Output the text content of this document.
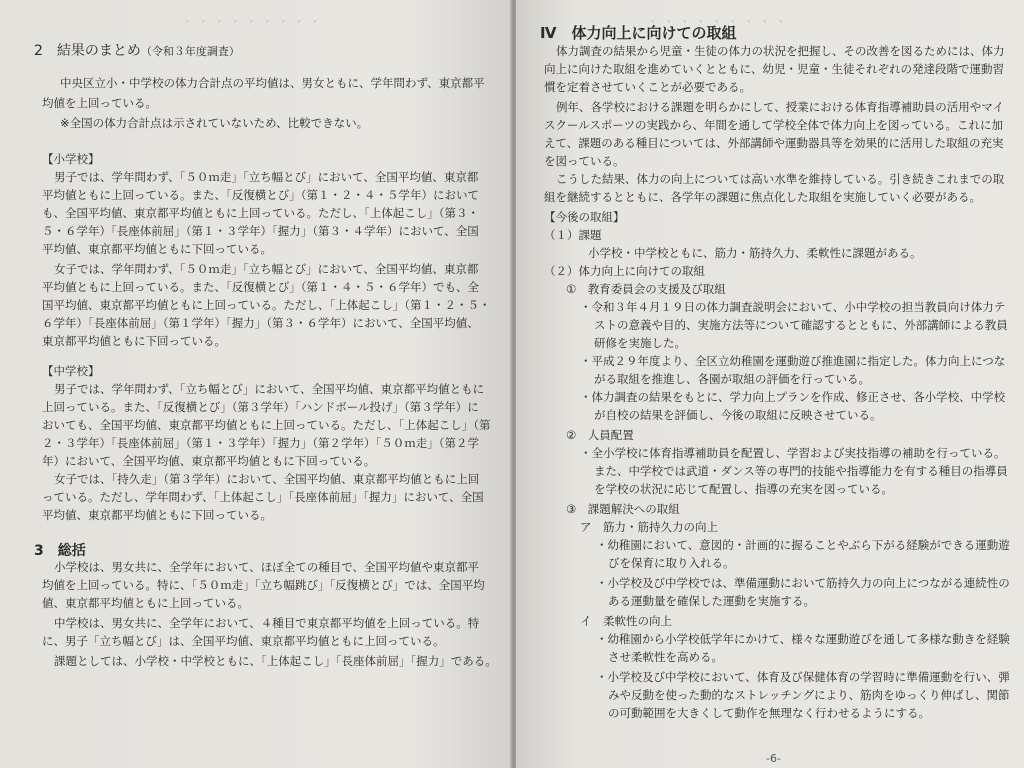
・・・・・・・・・
2　 結果のまとめ（令和３年度調査）
中央区立小・中学校の体力合計点の平均値は、男女ともに、学年問わず、東京都平
均値を上回っている。
※全国の体力合計点は示されていないため、比較できない。
【小学校】
男子では、学年問わず、「５０ｍ走」「立ち幅とび」において、全国平均値、東京都
平均値ともに上回っている。また、「反復横とび」（第１・２・４・５学年）において
も、全国平均値、東京都平均値ともに上回っている。ただし、「上体起こし」（第３・
５・６学年）「長座体前屈」（第１・３学年）「握力」（第３・４学年）において、全国
平均値、東京都平均値ともに下回っている。
女子では、学年問わず、「５０ｍ走」「立ち幅とび」において、全国平均値、東京都
平均値ともに上回っている。また、「反復横とび」（第１・４・５・６学年）でも、全
国平均値、東京都平均値ともに上回っている。ただし、「上体起こし」（第１・２・５・
６学年）「長座体前屈」（第１学年）「握力」（第３・６学年）において、全国平均値、
東京都平均値ともに下回っている。
【中学校】
男子では、学年問わず、「立ち幅とび」において、全国平均値、東京都平均値ともに
上回っている。また、「反復横とび」（第３学年）「ハンドボール投げ」（第３学年）に
おいても、全国平均値、東京都平均値ともに上回っている。ただし、「上体起こし」（第
２・３学年）「長座体前屈」（第１・３学年）「握力」（第２学年）「５０ｍ走」（第２学
年）において、全国平均値、東京都平均値ともに下回っている。
女子では、「持久走」（第３学年）において、全国平均値、東京都平均値ともに上回
っている。ただし、学年問わず、「上体起こし」「長座体前屈」「握力」において、全国
平均値、東京都平均値ともに下回っている。
3　 総括
小学校は、男女共に、全学年において、ほぼ全ての種目で、全国平均値や東京都平
均値を上回っている。特に、「５０ｍ走」「立ち幅跳び」「反復横とび」では、全国平均
値、東京都平均値ともに上回っている。
中学校は、男女共に、全学年において、４種目で東京都平均値を上回っている。特
に、男子「立ち幅とび」は、全国平均値、東京都平均値ともに上回っている。
課題としては、小学校・中学校ともに、「上体起こし」「長座体前屈」「握力」である。
・・・・・・・・・
Ⅳ　 体力向上に向けての取組
体力調査の結果から児童・生徒の体力の状況を把握し、その改善を図るためには、体力
向上に向けた取組を進めていくとともに、幼児・児童・生徒それぞれの発達段階で運動習
慣を定着させていくことが必要である。
例年、各学校における課題を明らかにして、授業における体育指導補助員の活用やマイ
スクールスポーツの実践から、年間を通して学校全体で体力向上を図っている。これに加
えて、課題のある種目については、外部講師や運動器具等を効果的に活用した取組の充実
を図っている。
こうした結果、体力の向上については高い水準を維持している。引き続きこれまでの取
組を継続するとともに、各学年の課題に焦点化した取組を実施していく必要がある。
【今後の取組】
（１）課題
小学校・中学校ともに、筋力・筋持久力、柔軟性に課題がある。
（２）体力向上に向けての取組
①　教育委員会の支援及び取組
・令和３年４月１９日の体力調査説明会において、小中学校の担当教員向け体力テ
ストの意義や目的、実施方法等について確認するとともに、外部講師による教員
研修を実施した。
・平成２９年度より、全区立幼稚園を運動遊び推進園に指定した。体力向上につな
がる取組を推進し、各園が取組の評価を行っている。
・体力調査の結果をもとに、学力向上プランを作成、修正させ、各小学校、中学校
が自校の結果を評価し、今後の取組に反映させている。
②　人員配置
・全小学校に体育指導補助員を配置し、学習および実技指導の補助を行っている。
また、中学校では武道・ダンス等の専門的技能や指導能力を有する種目の指導員
を学校の状況に応じて配置し、指導の充実を図っている。
③　課題解決への取組
ア　筋力・筋持久力の向上
・幼稚園において、意図的・計画的に握ることやぶら下がる経験ができる運動遊
びを保育に取り入れる。
・小学校及び中学校では、準備運動において筋持久力の向上につながる連続性の
ある運動量を確保した運動を実施する。
イ　柔軟性の向上
・幼稚園から小学校低学年にかけて、様々な運動遊びを通して多様な動きを経験
させ柔軟性を高める。
・小学校及び中学校において、体育及び保健体育の学習時に準備運動を行い、弾
みや反動を使った動的なストレッチングにより、筋肉をゆっくり伸ばし、関節
の可動範囲を大きくして動作を無理なく行わせるようにする。
-6-
